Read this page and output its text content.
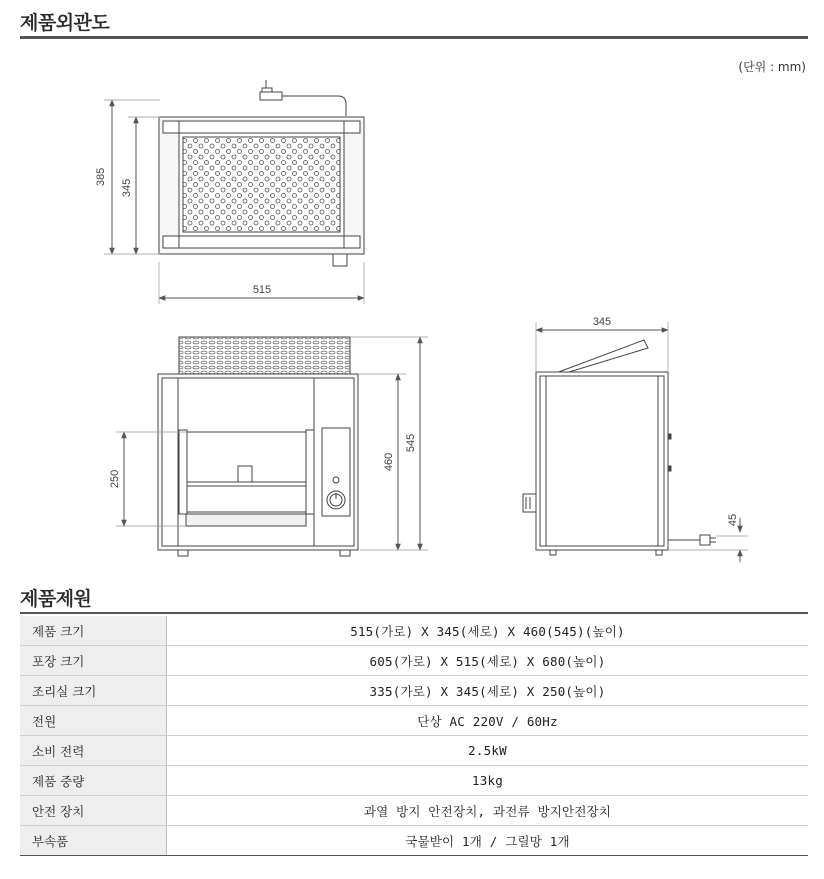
제품외관도
(단위 : mm)
385
345
515
250
460
545
345
45
제품제원
제품 크기	515(가로) X 345(세로) X 460(545)(높이)
포장 크기	605(가로) X 515(세로) X 680(높이)
조리실 크기	335(가로) X 345(세로) X 250(높이)
전원	단상 AC 220V / 60Hz
소비 전력	2.5kW
제품 중량	13kg
안전 장치	과열 방지 안전장치, 과전류 방지안전장치
부속품	국물받이 1개 / 그릴망 1개
